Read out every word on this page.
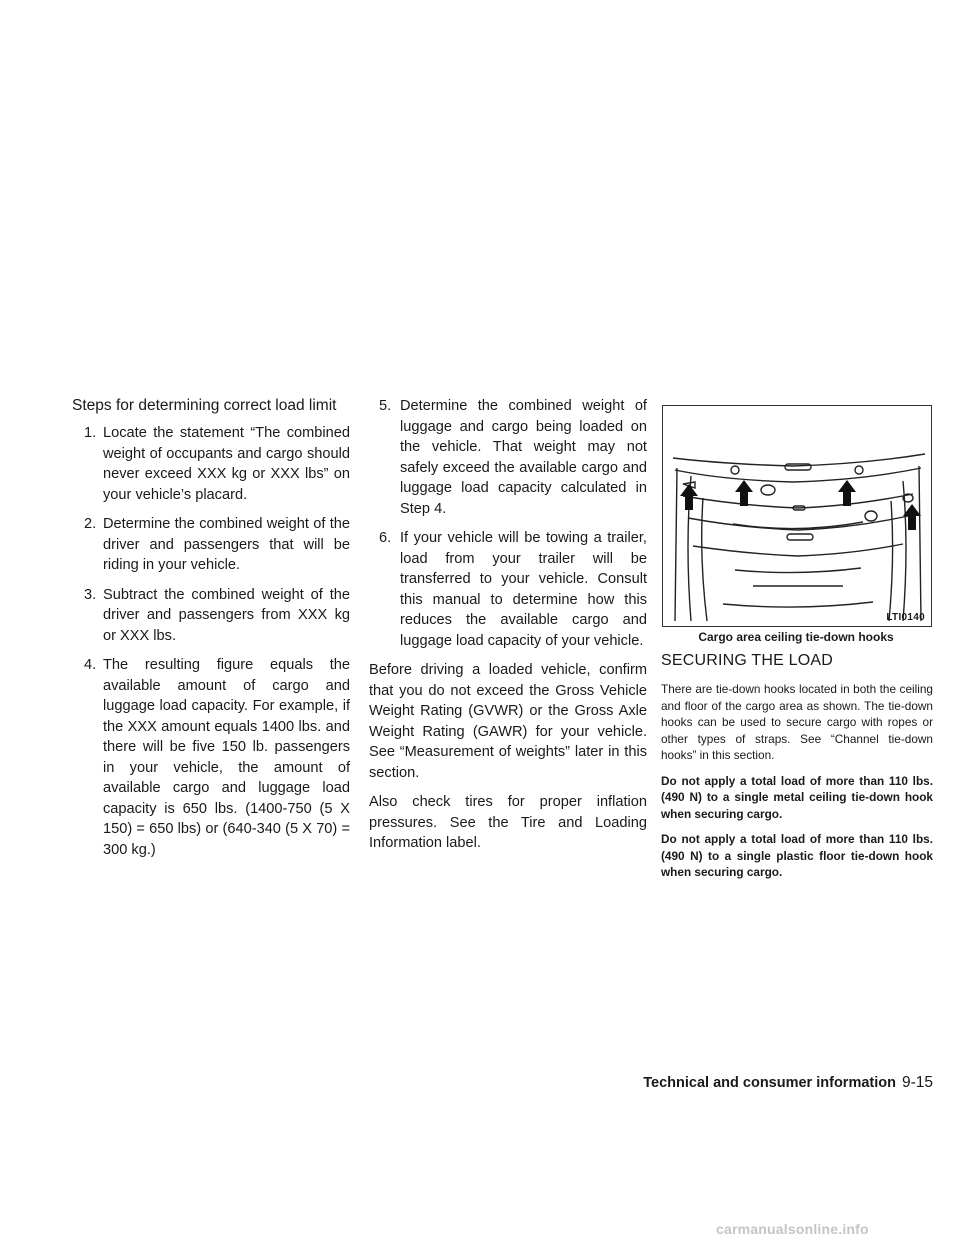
Steps for determining correct load limit
1. Locate the statement “The combined weight of occupants and cargo should never exceed XXX kg or XXX lbs” on your vehicle’s placard.
2. Determine the combined weight of the driver and passengers that will be riding in your vehicle.
3. Subtract the combined weight of the driver and passengers from XXX kg or XXX lbs.
4. The resulting figure equals the available amount of cargo and luggage load capacity. For example, if the XXX amount equals 1400 lbs. and there will be five 150 lb. passengers in your vehicle, the amount of available cargo and luggage load capacity is 650 lbs. (1400-750 (5 X 150) = 650 lbs) or (640-340 (5 X 70) = 300 kg.)
5. Determine the combined weight of luggage and cargo being loaded on the vehicle. That weight may not safely exceed the available cargo and luggage load capacity calculated in Step 4.
6. If your vehicle will be towing a trailer, load from your trailer will be transferred to your vehicle. Consult this manual to determine how this reduces the available cargo and luggage load capacity of your vehicle.

Before driving a loaded vehicle, confirm that you do not exceed the Gross Vehicle Weight Rating (GVWR) or the Gross Axle Weight Rating (GAWR) for your vehicle. See “Measurement of weights” later in this section.

Also check tires for proper inflation pressures. See the Tire and Loading Information label.

LTI0140
Cargo area ceiling tie-down hooks
SECURING THE LOAD

There are tie-down hooks located in both the ceiling and floor of the cargo area as shown. The tie-down hooks can be used to secure cargo with ropes or other types of straps. See “Channel tie-down hooks” in this section.

Do not apply a total load of more than 110 lbs. (490 N) to a single metal ceiling tie-down hook when securing cargo.

Do not apply a total load of more than 110 lbs. (490 N) to a single plastic floor tie-down hook when securing cargo.

Technical and consumer information 9-15
carmanualsonline.info
